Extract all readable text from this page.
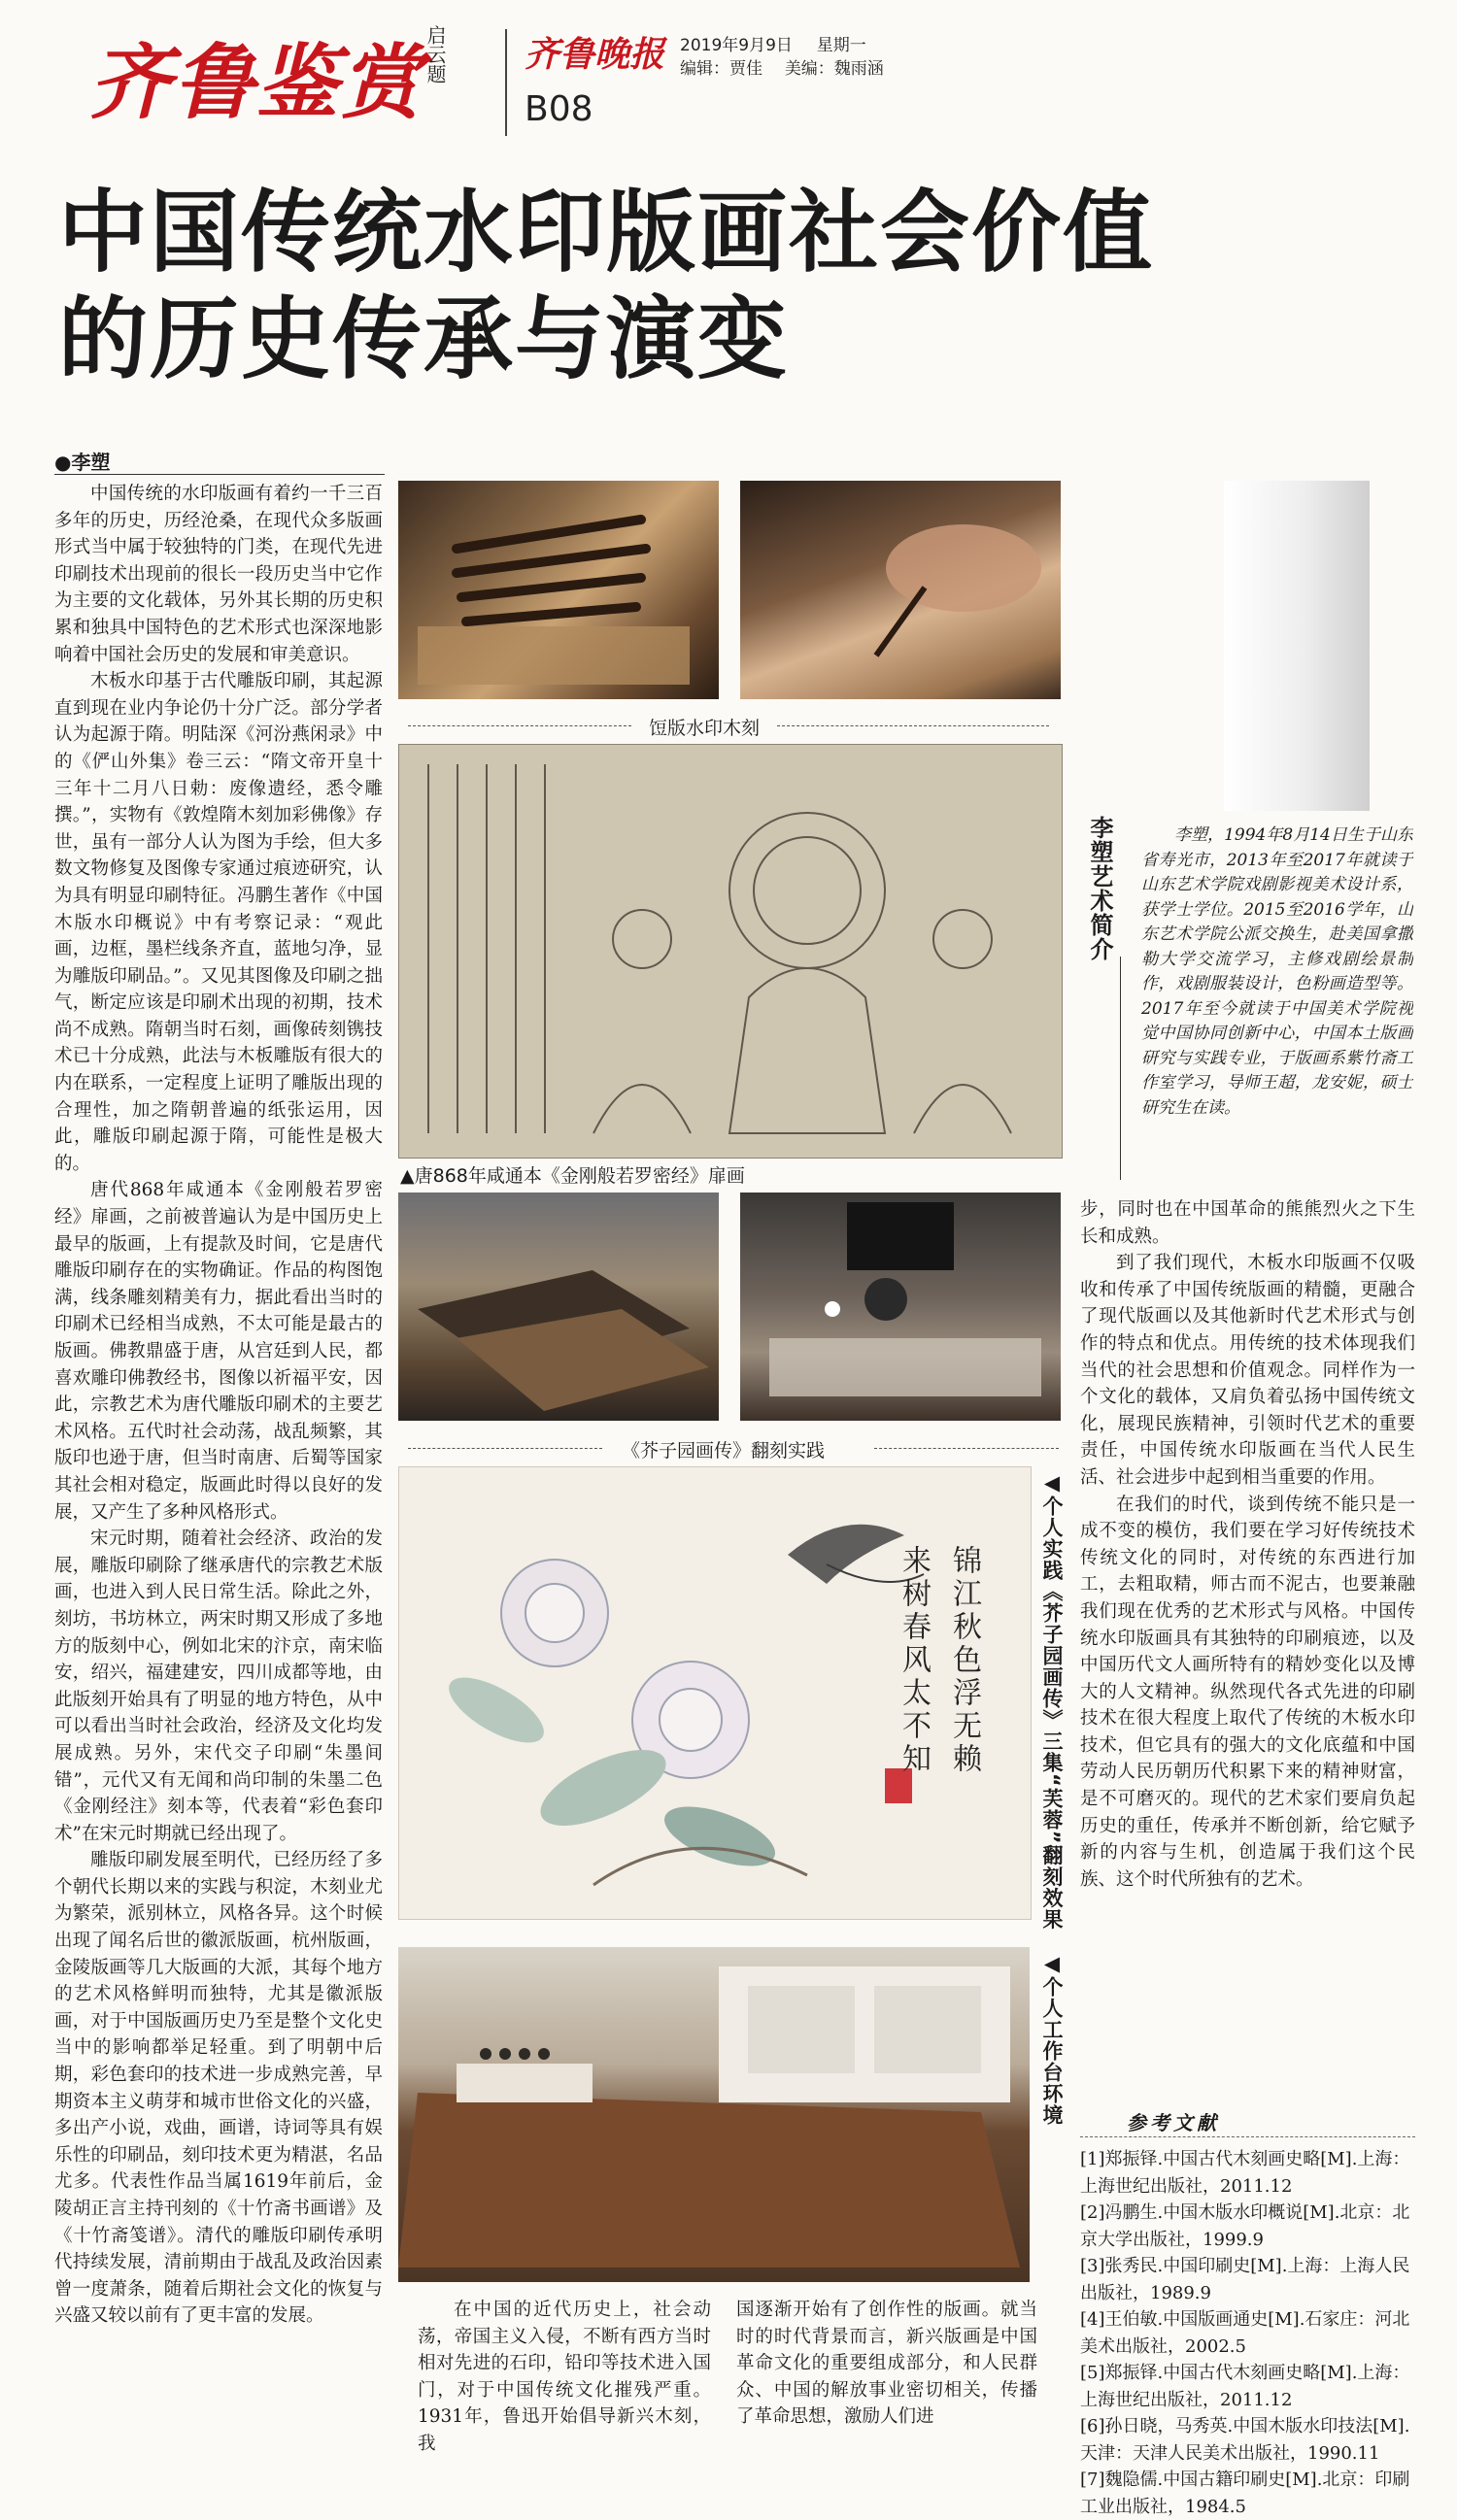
齐鲁鉴赏 启云题 齐鲁晚报 2019年9月9日 星期一
编辑：贾佳 美编：魏雨涵
B08
中国传统水印版画社会价值
的历史传承与演变
●李塑

中国传统的水印版画有着约一千三百多年的历史，历经沧桑，在现代众多版画形式当中属于较独特的门类，在现代先进印刷技术出现前的很长一段历史当中它作为主要的文化载体，另外其长期的历史积累和独具中国特色的艺术形式也深深地影响着中国社会历史的发展和审美意识。

木板水印基于古代雕版印刷，其起源直到现在业内争论仍十分广泛。部分学者认为起源于隋。明陆深《河汾燕闲录》中的《俨山外集》卷三云：“隋文帝开皇十三年十二月八日勅：废像遗经，悉令雕撰。”，实物有《敦煌隋木刻加彩佛像》存世，虽有一部分人认为图为手绘，但大多数文物修复及图像专家通过痕迹研究，认为具有明显印刷特征。冯鹏生著作《中国木版水印概说》中有考察记录：“观此画，边框，墨栏线条齐直，蓝地匀净，显为雕版印刷品。”。又见其图像及印刷之拙气，断定应该是印刷术出现的初期，技术尚不成熟。隋朝当时石刻，画像砖刻镌技术已十分成熟，此法与木板雕版有很大的内在联系，一定程度上证明了雕版出现的合理性，加之隋朝普遍的纸张运用，因此，雕版印刷起源于隋，可能性是极大的。

唐代868年咸通本《金刚般若罗密经》扉画，之前被普遍认为是中国历史上最早的版画，上有提款及时间，它是唐代雕版印刷存在的实物确证。作品的构图饱满，线条雕刻精美有力，据此看出当时的印刷术已经相当成熟，不太可能是最古的版画。佛教鼎盛于唐，从宫廷到人民，都喜欢雕印佛教经书，图像以祈福平安，因此，宗教艺术为唐代雕版印刷术的主要艺术风格。五代时社会动荡，战乱频繁，其版印也逊于唐，但当时南唐、后蜀等国家其社会相对稳定，版画此时得以良好的发展，又产生了多种风格形式。

宋元时期，随着社会经济、政治的发展，雕版印刷除了继承唐代的宗教艺术版画，也进入到人民日常生活。除此之外，刻坊，书坊林立，两宋时期又形成了多地方的版刻中心，例如北宋的汴京，南宋临安，绍兴，福建建安，四川成都等地，由此版刻开始具有了明显的地方特色，从中可以看出当时社会政治，经济及文化均发展成熟。另外，宋代交子印刷“朱墨间错”，元代又有无闻和尚印制的朱墨二色《金刚经注》刻本等，代表着“彩色套印术”在宋元时期就已经出现了。

雕版印刷发展至明代，已经历经了多个朝代长期以来的实践与积淀，木刻业尤为繁荣，派别林立，风格各异。这个时候出现了闻名后世的徽派版画，杭州版画，金陵版画等几大版画的大派，其每个地方的艺术风格鲜明而独特，尤其是徽派版画，对于中国版画历史乃至是整个文化史当中的影响都举足轻重。到了明朝中后期，彩色套印的技术进一步成熟完善，早期资本主义萌芽和城市世俗文化的兴盛，多出产小说，戏曲，画谱，诗词等具有娱乐性的印刷品，刻印技术更为精湛，名品尤多。代表性作品当属1619年前后，金陵胡正言主持刊刻的《十竹斋书画谱》及《十竹斋笺谱》。清代的雕版印刷传承明代持续发展，清前期由于战乱及政治因素曾一度萧条，随着后期社会文化的恢复与兴盛又较以前有了更丰富的发展。

饾版水印木刻
▲唐868年咸通本《金刚般若罗密经》扉画
《芥子园画传》翻刻实践
锦江秋色浮无赖
来树春风太不知	◀个人实践《芥子园画传》三集“芙蓉”翻刻效果
◀个人工作台环境

在中国的近代历史上，社会动荡，帝国主义入侵，不断有西方当时相对先进的石印，铅印等技术进入国门，对于中国传统文化摧残严重。1931年，鲁迅开始倡导新兴木刻，我

国逐渐开始有了创作性的版画。就当时的时代背景而言，新兴版画是中国革命文化的重要组成部分，和人民群众、中国的解放事业密切相关，传播了革命思想，激励人们进

李塑艺术简介	李塑，1994年8月14日生于山东省寿光市，2013年至2017年就读于山东艺术学院戏剧影视美术设计系，获学士学位。2015至2016学年，山东艺术学院公派交换生，赴美国拿撒勒大学交流学习，主修戏剧绘景制作，戏剧服装设计，色粉画造型等。2017年至今就读于中国美术学院视觉中国协同创新中心，中国本土版画研究与实践专业，于版画系紫竹斋工作室学习，导师王超，龙安妮，硕士研究生在读。

步，同时也在中国革命的熊熊烈火之下生长和成熟。

到了我们现代，木板水印版画不仅吸收和传承了中国传统版画的精髓，更融合了现代版画以及其他新时代艺术形式与创作的特点和优点。用传统的技术体现我们当代的社会思想和价值观念。同样作为一个文化的载体，又肩负着弘扬中国传统文化，展现民族精神，引领时代艺术的重要责任，中国传统水印版画在当代人民生活、社会进步中起到相当重要的作用。

在我们的时代，谈到传统不能只是一成不变的模仿，我们要在学习好传统技术传统文化的同时，对传统的东西进行加工，去粗取精，师古而不泥古，也要兼融我们现在优秀的艺术形式与风格。中国传统水印版画具有其独特的印刷痕迹，以及中国历代文人画所特有的精妙变化以及博大的人文精神。纵然现代各式先进的印刷技术在很大程度上取代了传统的木板水印技术，但它具有的强大的文化底蕴和中国劳动人民历朝历代积累下来的精神财富，是不可磨灭的。现代的艺术家们要肩负起历史的重任，传承并不断创新，给它赋予新的内容与生机，创造属于我们这个民族、这个时代所独有的艺术。

参考文献
[1]郑振铎.中国古代木刻画史略[M].上海：上海世纪出版社，2011.12
[2]冯鹏生.中国木版水印概说[M].北京：北京大学出版社，1999.9
[3]张秀民.中国印刷史[M].上海：上海人民出版社，1989.9
[4]王伯敏.中国版画通史[M].石家庄：河北美术出版社，2002.5
[5]郑振铎.中国古代木刻画史略[M].上海：上海世纪出版社，2011.12
[6]孙日晓，马秀英.中国木版水印技法[M].天津：天津人民美术出版社，1990.11
[7]魏隐儒.中国古籍印刷史[M].北京：印刷工业出版社，1984.5
